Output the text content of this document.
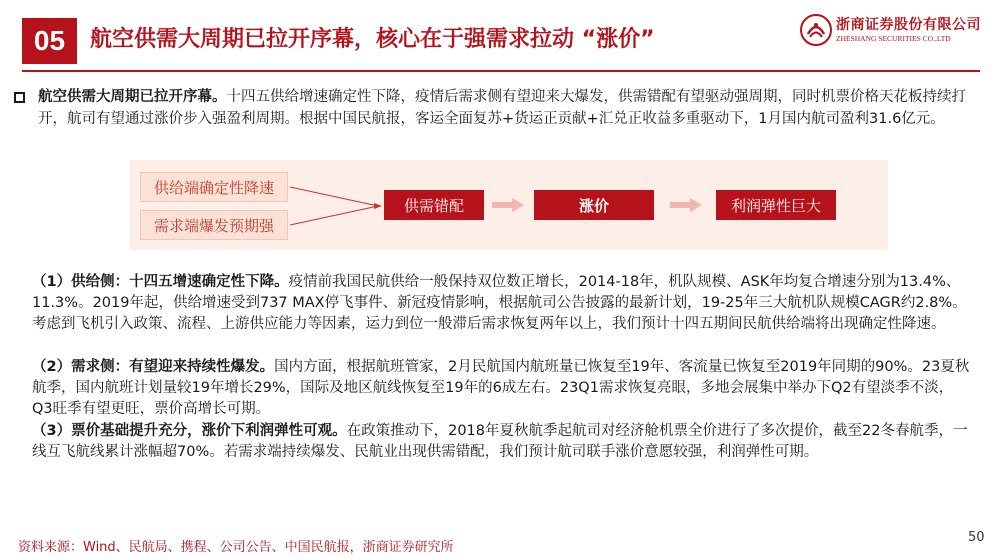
05 航空供需大周期已拉开序幕，核心在于强需求拉动 “涨价”
浙商证券股份有限公司
ZHESHANG SECURITIES CO.,LTD
航空供需大周期已拉开序幕。十四五供给增速确定性下降，疫情后需求侧有望迎来大爆发，供需错配有望驱动强周期，同时机票价格天花板持续打开，航司有望通过涨价步入强盈利周期。根据中国民航报，客运全面复苏+货运正贡献+汇兑正收益多重驱动下，1月国内航司盈利31.6亿元。
供给端确定性降速
需求端爆发预期强
供需错配	涨价	利润弹性巨大
（1）供给侧：十四五增速确定性下降。疫情前我国民航供给一般保持双位数正增长，2014-18年，机队规模、ASK年均复合增速分别为13.4%、11.3%。2019年起，供给增速受到737 MAX停飞事件、新冠疫情影响，根据航司公告披露的最新计划，19-25年三大航机队规模CAGR约2.8%。考虑到飞机引入政策、流程、上游供应能力等因素，运力到位一般滞后需求恢复两年以上，我们预计十四五期间民航供给端将出现确定性降速。
（2）需求侧：有望迎来持续性爆发。国内方面，根据航班管家，2月民航国内航班量已恢复至19年、客流量已恢复至2019年同期的90%。23夏秋航季，国内航班计划量较19年增长29%，国际及地区航线恢复至19年的6成左右。23Q1需求恢复亮眼，多地会展集中举办下Q2有望淡季不淡，Q3旺季有望更旺，票价高增长可期。
（3）票价基础提升充分，涨价下利润弹性可观。在政策推动下，2018年夏秋航季起航司对经济舱机票全价进行了多次提价，截至22冬春航季，一线互飞航线累计涨幅超70%。若需求端持续爆发、民航业出现供需错配，我们预计航司联手涨价意愿较强，利润弹性可期。
资料来源：Wind、民航局、携程、公司公告、中国民航报，浙商证券研究所
50
